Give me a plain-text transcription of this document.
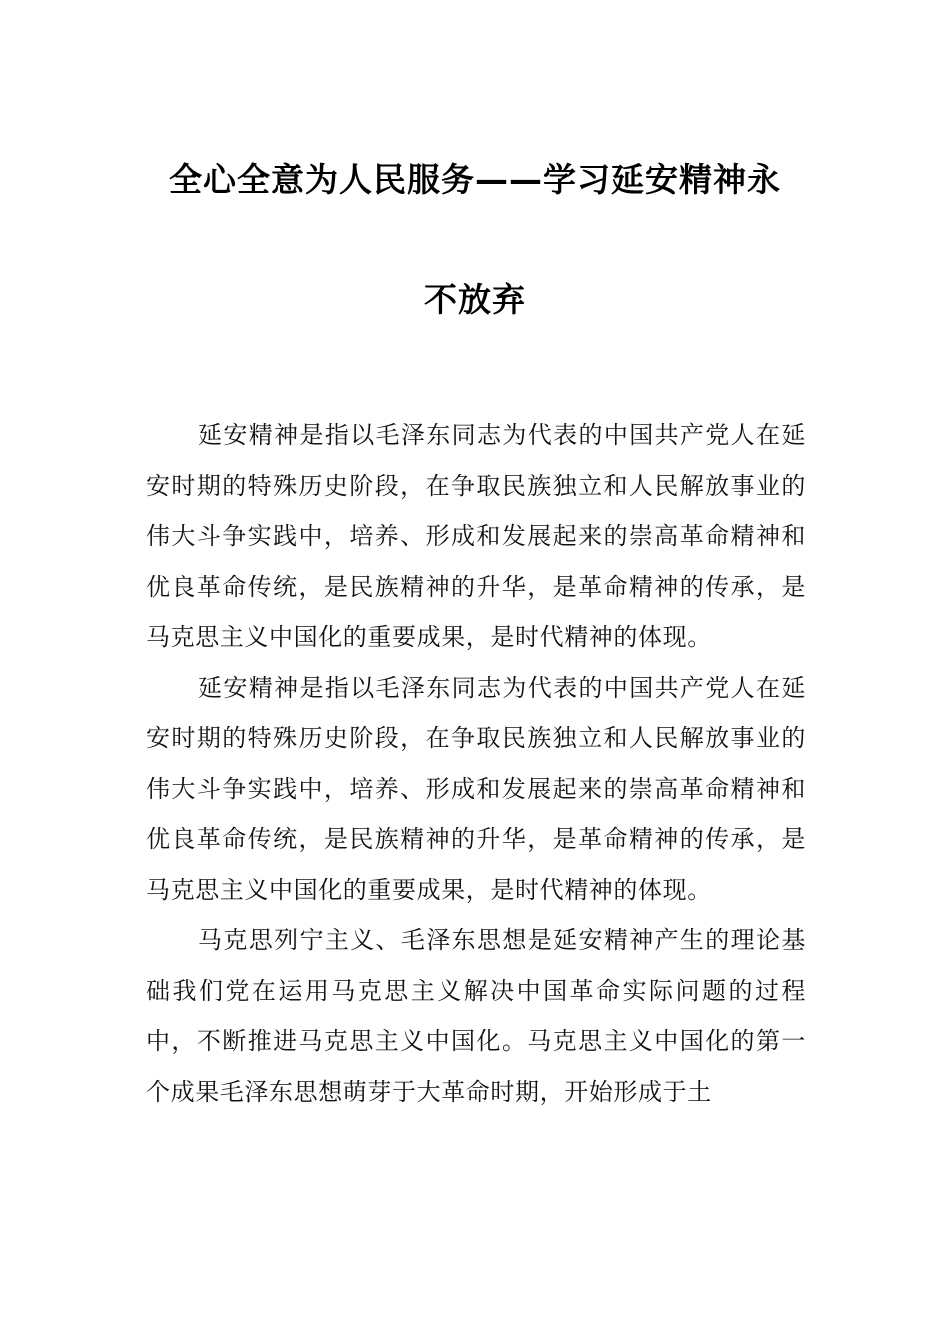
全心全意为人民服务——学习延安精神永
不放弃

延安精神是指以毛泽东同志为代表的中国共产党人在延安时期的特殊历史阶段，在争取民族独立和人民解放事业的伟大斗争实践中，培养、形成和发展起来的崇高革命精神和优良革命传统，是民族精神的升华，是革命精神的传承，是马克思主义中国化的重要成果，是时代精神的体现。

延安精神是指以毛泽东同志为代表的中国共产党人在延安时期的特殊历史阶段，在争取民族独立和人民解放事业的伟大斗争实践中，培养、形成和发展起来的崇高革命精神和优良革命传统，是民族精神的升华，是革命精神的传承，是马克思主义中国化的重要成果，是时代精神的体现。

马克思列宁主义、毛泽东思想是延安精神产生的理论基础我们党在运用马克思主义解决中国革命实际问题的过程中，不断推进马克思主义中国化。马克思主义中国化的第一个成果毛泽东思想萌芽于大革命时期，开始形成于土
